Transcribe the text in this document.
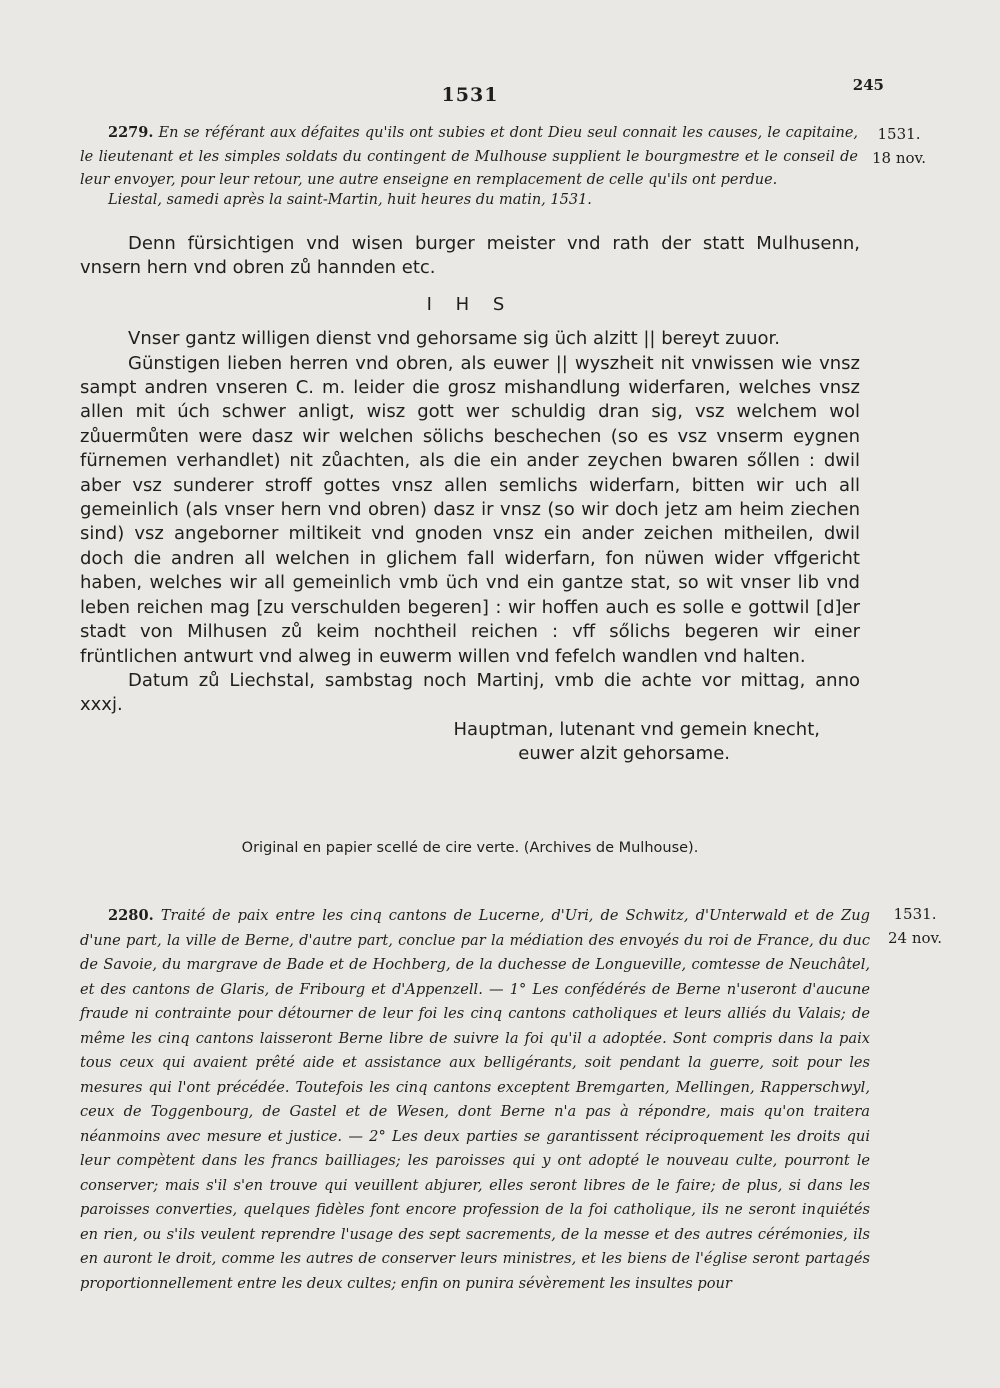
1531	245
1531.
18 nov.
2279. En se référant aux défaites qu'ils ont subies et dont Dieu seul connait les causes, le capitaine, le lieutenant et les simples soldats du contingent de Mulhouse supplient le bourgmestre et le conseil de leur envoyer, pour leur retour, une autre enseigne en remplacement de celle qu'ils ont perdue.
Liestal, samedi après la saint-Martin, huit heures du matin, 1531.

Denn fürsichtigen vnd wisen burger meister vnd rath der statt Mulhusenn, vnsern hern vnd obren zů hannden etc.

I H S

Vnser gantz willigen dienst vnd gehorsame sig üch alzitt || bereyt zuuor.

Günstigen lieben herren vnd obren, als euwer || wyszheit nit vnwissen wie vnsz sampt andren vnseren C. m. leider die grosz mishandlung widerfaren, welches vnsz allen mit úch schwer anligt, wisz gott wer schuldig dran sig, vsz welchem wol zůuermůten were dasz wir welchen sölichs beschechen (so es vsz vnserm eygnen fürnemen verhandlet) nit zůachten, als die ein ander zeychen bwaren sőllen : dwil aber vsz sunderer stroff gottes vnsz allen semlichs widerfarn, bitten wir uch all gemeinlich (als vnser hern vnd obren) dasz ir vnsz (so wir doch jetz am heim ziechen sind) vsz angeborner miltikeit vnd gnoden vnsz ein ander zeichen mitheilen, dwil doch die andren all welchen in glichem fall widerfarn, fon nüwen wider vffgericht haben, welches wir all gemeinlich vmb üch vnd ein gantze stat, so wit vnser lib vnd leben reichen mag [zu verschulden begeren] : wir hoffen auch es solle e gottwil [d]er stadt von Milhusen zů keim nochtheil reichen : vff sőlichs begeren wir einer früntlichen antwurt vnd alweg in euwerm willen vnd fefelch wandlen vnd halten.

Datum zů Liechstal, sambstag noch Martinj, vmb die achte vor mittag, anno xxxj.

Hauptman, lutenant vnd gemein knecht,

euwer alzit gehorsame.

Original en papier scellé de cire verte. (Archives de Mulhouse).
1531.
24 nov.
2280. Traité de paix entre les cinq cantons de Lucerne, d'Uri, de Schwitz, d'Unterwald et de Zug d'une part, la ville de Berne, d'autre part, conclue par la médiation des envoyés du roi de France, du duc de Savoie, du margrave de Bade et de Hochberg, de la duchesse de Longueville, comtesse de Neuchâtel, et des cantons de Glaris, de Fribourg et d'Appenzell. — 1° Les confédérés de Berne n'useront d'aucune fraude ni contrainte pour détourner de leur foi les cinq cantons catholiques et leurs alliés du Valais; de même les cinq cantons laisseront Berne libre de suivre la foi qu'il a adoptée. Sont compris dans la paix tous ceux qui avaient prêté aide et assistance aux belligérants, soit pendant la guerre, soit pour les mesures qui l'ont précédée. Toutefois les cinq cantons exceptent Bremgarten, Mellingen, Rapperschwyl, ceux de Toggenbourg, de Gastel et de Wesen, dont Berne n'a pas à répondre, mais qu'on traitera néanmoins avec mesure et justice. — 2° Les deux parties se garantissent réciproquement les droits qui leur compètent dans les francs bailliages; les paroisses qui y ont adopté le nouveau culte, pourront le conserver; mais s'il s'en trouve qui veuillent abjurer, elles seront libres de le faire; de plus, si dans les paroisses converties, quelques fidèles font encore profession de la foi catholique, ils ne seront inquiétés en rien, ou s'ils veulent reprendre l'usage des sept sacrements, de la messe et des autres cérémonies, ils en auront le droit, comme les autres de conserver leurs ministres, et les biens de l'église seront partagés proportionnellement entre les deux cultes; enfin on punira sévèrement les insultes pour
